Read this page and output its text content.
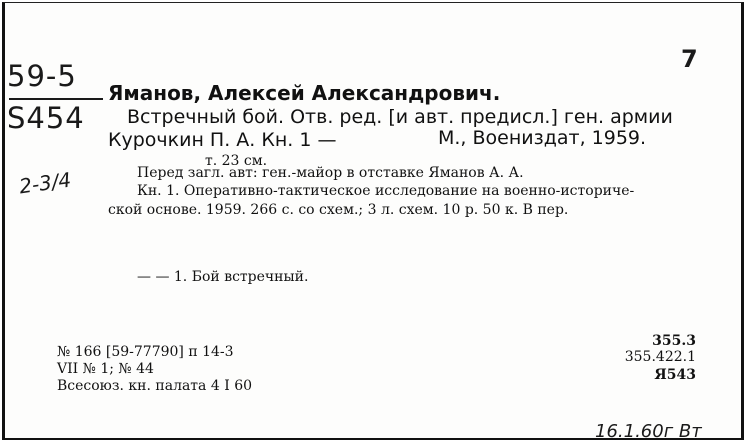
59-5
S454
2-3/4
7
Яманов, Алексей Александрович.
Встречный бой. Отв. ред. [и авт. предисл.] ген. армии
Курочкин П. А. Кн. 1 —	М., Воениздат, 1959.
т. 23 см.
Перед загл. авт: ген.-майор в отставке Яманов А. А.
Кн. 1. Оперативно-тактическое исследование на военно-историче-
ской основе. 1959. 266 с. со схем.; 3 л. схем. 10 р. 50 к. В пер.
— — 1. Бой встречный.
№ 166 [59-77790] п 14-3
VII № 1; № 44
Всесоюз. кн. палата 4 I 60
355.3
355.422.1
Я543
16.1.60г Вт
